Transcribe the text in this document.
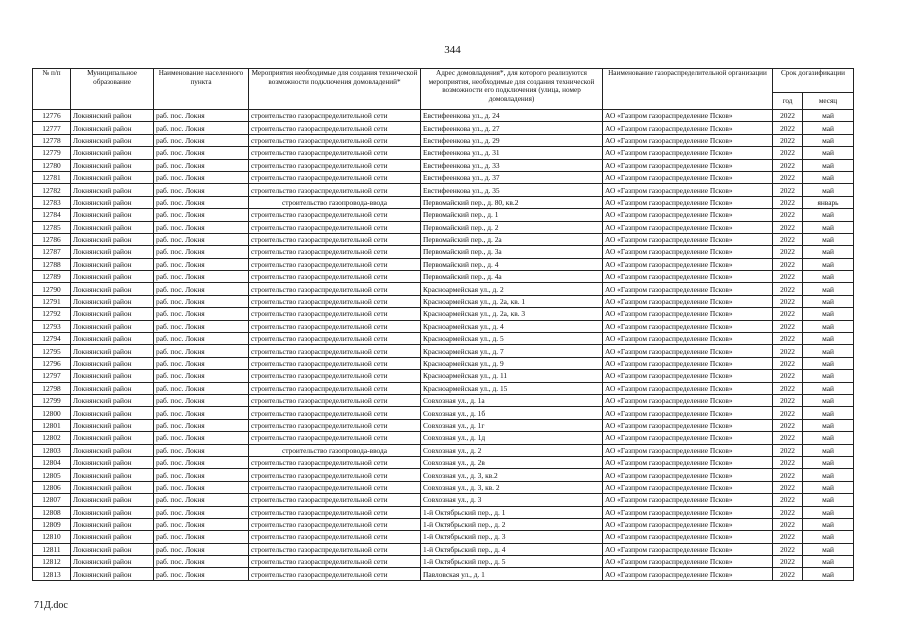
344
№ п/п	Муниципальное образование	Наименование населенного пункта	Мероприятия необходимые для создания технической возможности подключения домовладений*	Адрес домовладения*, для которого реализуются мероприятия, необходимые для создания технической возможности его подключения (улица, номер домовладения)	Наименование газораспределительной организации	Срок догазификации	
						год	месяц
12776	Локнянский район	раб. пос. Локня	строительство газораспределительной сети	Евстифеенкова ул., д. 24	АО «Газпром газораспределение Псков»	2022	май
12777	Локнянский район	раб. пос. Локня	строительство газораспределительной сети	Евстифеенкова ул., д. 27	АО «Газпром газораспределение Псков»	2022	май
12778	Локнянский район	раб. пос. Локня	строительство газораспределительной сети	Евстифеенкова ул., д. 29	АО «Газпром газораспределение Псков»	2022	май
12779	Локнянский район	раб. пос. Локня	строительство газораспределительной сети	Евстифеенкова ул., д. 31	АО «Газпром газораспределение Псков»	2022	май
12780	Локнянский район	раб. пос. Локня	строительство газораспределительной сети	Евстифеенкова ул., д. 33	АО «Газпром газораспределение Псков»	2022	май
12781	Локнянский район	раб. пос. Локня	строительство газораспределительной сети	Евстифеенкова ул., д. 37	АО «Газпром газораспределение Псков»	2022	май
12782	Локнянский район	раб. пос. Локня	строительство газораспределительной сети	Евстифеенкова ул., д. 35	АО «Газпром газораспределение Псков»	2022	май
12783	Локнянский район	раб. пос. Локня	строительство газопровода-ввода	Первомайский пер., д. 80, кв.2	АО «Газпром газораспределение Псков»	2022	январь
12784	Локнянский район	раб. пос. Локня	строительство газораспределительной сети	Первомайский пер., д. 1	АО «Газпром газораспределение Псков»	2022	май
12785	Локнянский район	раб. пос. Локня	строительство газораспределительной сети	Первомайский пер., д. 2	АО «Газпром газораспределение Псков»	2022	май
12786	Локнянский район	раб. пос. Локня	строительство газораспределительной сети	Первомайский пер., д. 2а	АО «Газпром газораспределение Псков»	2022	май
12787	Локнянский район	раб. пос. Локня	строительство газораспределительной сети	Первомайский пер., д. 3а	АО «Газпром газораспределение Псков»	2022	май
12788	Локнянский район	раб. пос. Локня	строительство газораспределительной сети	Первомайский пер., д. 4	АО «Газпром газораспределение Псков»	2022	май
12789	Локнянский район	раб. пос. Локня	строительство газораспределительной сети	Первомайский пер., д. 4а	АО «Газпром газораспределение Псков»	2022	май
12790	Локнянский район	раб. пос. Локня	строительство газораспределительной сети	Красноармейская ул., д. 2	АО «Газпром газораспределение Псков»	2022	май
12791	Локнянский район	раб. пос. Локня	строительство газораспределительной сети	Красноармейская ул., д. 2а, кв. 1	АО «Газпром газораспределение Псков»	2022	май
12792	Локнянский район	раб. пос. Локня	строительство газораспределительной сети	Красноармейская ул., д. 2а, кв. 3	АО «Газпром газораспределение Псков»	2022	май
12793	Локнянский район	раб. пос. Локня	строительство газораспределительной сети	Красноармейская ул., д. 4	АО «Газпром газораспределение Псков»	2022	май
12794	Локнянский район	раб. пос. Локня	строительство газораспределительной сети	Красноармейская ул., д. 5	АО «Газпром газораспределение Псков»	2022	май
12795	Локнянский район	раб. пос. Локня	строительство газораспределительной сети	Красноармейская ул., д. 7	АО «Газпром газораспределение Псков»	2022	май
12796	Локнянский район	раб. пос. Локня	строительство газораспределительной сети	Красноармейская ул., д. 9	АО «Газпром газораспределение Псков»	2022	май
12797	Локнянский район	раб. пос. Локня	строительство газораспределительной сети	Красноармейская ул., д. 11	АО «Газпром газораспределение Псков»	2022	май
12798	Локнянский район	раб. пос. Локня	строительство газораспределительной сети	Красноармейская ул., д. 15	АО «Газпром газораспределение Псков»	2022	май
12799	Локнянский район	раб. пос. Локня	строительство газораспределительной сети	Совхозная ул., д. 1а	АО «Газпром газораспределение Псков»	2022	май
12800	Локнянский район	раб. пос. Локня	строительство газораспределительной сети	Совхозная ул., д. 1б	АО «Газпром газораспределение Псков»	2022	май
12801	Локнянский район	раб. пос. Локня	строительство газораспределительной сети	Совхозная ул., д. 1г	АО «Газпром газораспределение Псков»	2022	май
12802	Локнянский район	раб. пос. Локня	строительство газораспределительной сети	Совхозная ул., д. 1д	АО «Газпром газораспределение Псков»	2022	май
12803	Локнянский район	раб. пос. Локня	строительство газопровода-ввода	Совхозная ул., д. 2	АО «Газпром газораспределение Псков»	2022	май
12804	Локнянский район	раб. пос. Локня	строительство газораспределительной сети	Совхозная ул., д. 2в	АО «Газпром газораспределение Псков»	2022	май
12805	Локнянский район	раб. пос. Локня	строительство газораспределительной сети	Совхозная ул., д. 3, кв.2	АО «Газпром газораспределение Псков»	2022	май
12806	Локнянский район	раб. пос. Локня	строительство газораспределительной сети	Совхозная ул., д. 3, кв. 2	АО «Газпром газораспределение Псков»	2022	май
12807	Локнянский район	раб. пос. Локня	строительство газораспределительной сети	Совхозная ул., д. 3	АО «Газпром газораспределение Псков»	2022	май
12808	Локнянский район	раб. пос. Локня	строительство газораспределительной сети	1-й Октябрьский пер., д. 1	АО «Газпром газораспределение Псков»	2022	май
12809	Локнянский район	раб. пос. Локня	строительство газораспределительной сети	1-й Октябрьский пер., д. 2	АО «Газпром газораспределение Псков»	2022	май
12810	Локнянский район	раб. пос. Локня	строительство газораспределительной сети	1-й Октябрьский пер., д. 3	АО «Газпром газораспределение Псков»	2022	май
12811	Локнянский район	раб. пос. Локня	строительство газораспределительной сети	1-й Октябрьский пер., д. 4	АО «Газпром газораспределение Псков»	2022	май
12812	Локнянский район	раб. пос. Локня	строительство газораспределительной сети	1-й Октябрьский пер., д. 5	АО «Газпром газораспределение Псков»	2022	май
12813	Локнянский район	раб. пос. Локня	строительство газораспределительной сети	Павловская ул., д. 1	АО «Газпром газораспределение Псков»	2022	май
71Д.doc
